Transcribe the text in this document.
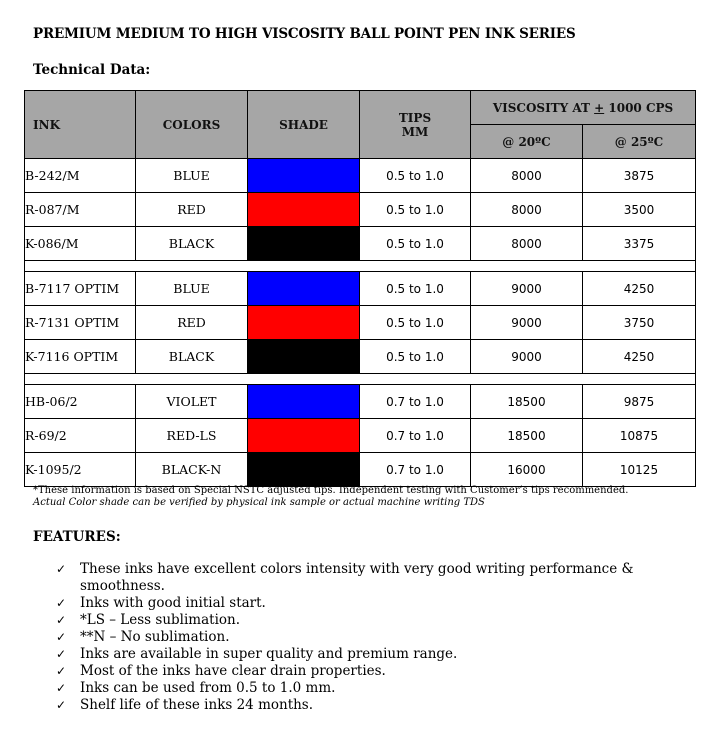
PREMIUM MEDIUM TO HIGH VISCOSITY BALL POINT PEN INK SERIES
Technical Data:
INK	COLORS	SHADE	TIPS
MM	VISCOSITY AT + 1000 CPS	
				@ 20ºC	@ 25ºC
B-242/M	BLUE		0.5 to 1.0	8000	3875
R-087/M	RED		0.5 to 1.0	8000	3500
K-086/M	BLACK		0.5 to 1.0	8000	3375

B-7117 OPTIM	BLUE		0.5 to 1.0	9000	4250
R-7131 OPTIM	RED		0.5 to 1.0	9000	3750
K-7116 OPTIM	BLACK		0.5 to 1.0	9000	4250

HB-06/2	VIOLET		0.7 to 1.0	18500	9875
R-69/2	RED-LS		0.7 to 1.0	18500	10875
K-1095/2	BLACK-N		0.7 to 1.0	16000	10125
*These information is based on Special NSTC adjusted tips. Independent testing with Customer’s tips recommended.
Actual Color shade can be verified by physical ink sample or actual machine writing TDS
FEATURES:
✓ These inks have excellent colors intensity with very good writing performance & smoothness.
✓ Inks with good initial start.
✓ *LS – Less sublimation.
✓ **N – No sublimation.
✓ Inks are available in super quality and premium range.
✓ Most of the inks have clear drain properties.
✓ Inks can be used from 0.5 to 1.0 mm.
✓ Shelf life of these inks 24 months.
